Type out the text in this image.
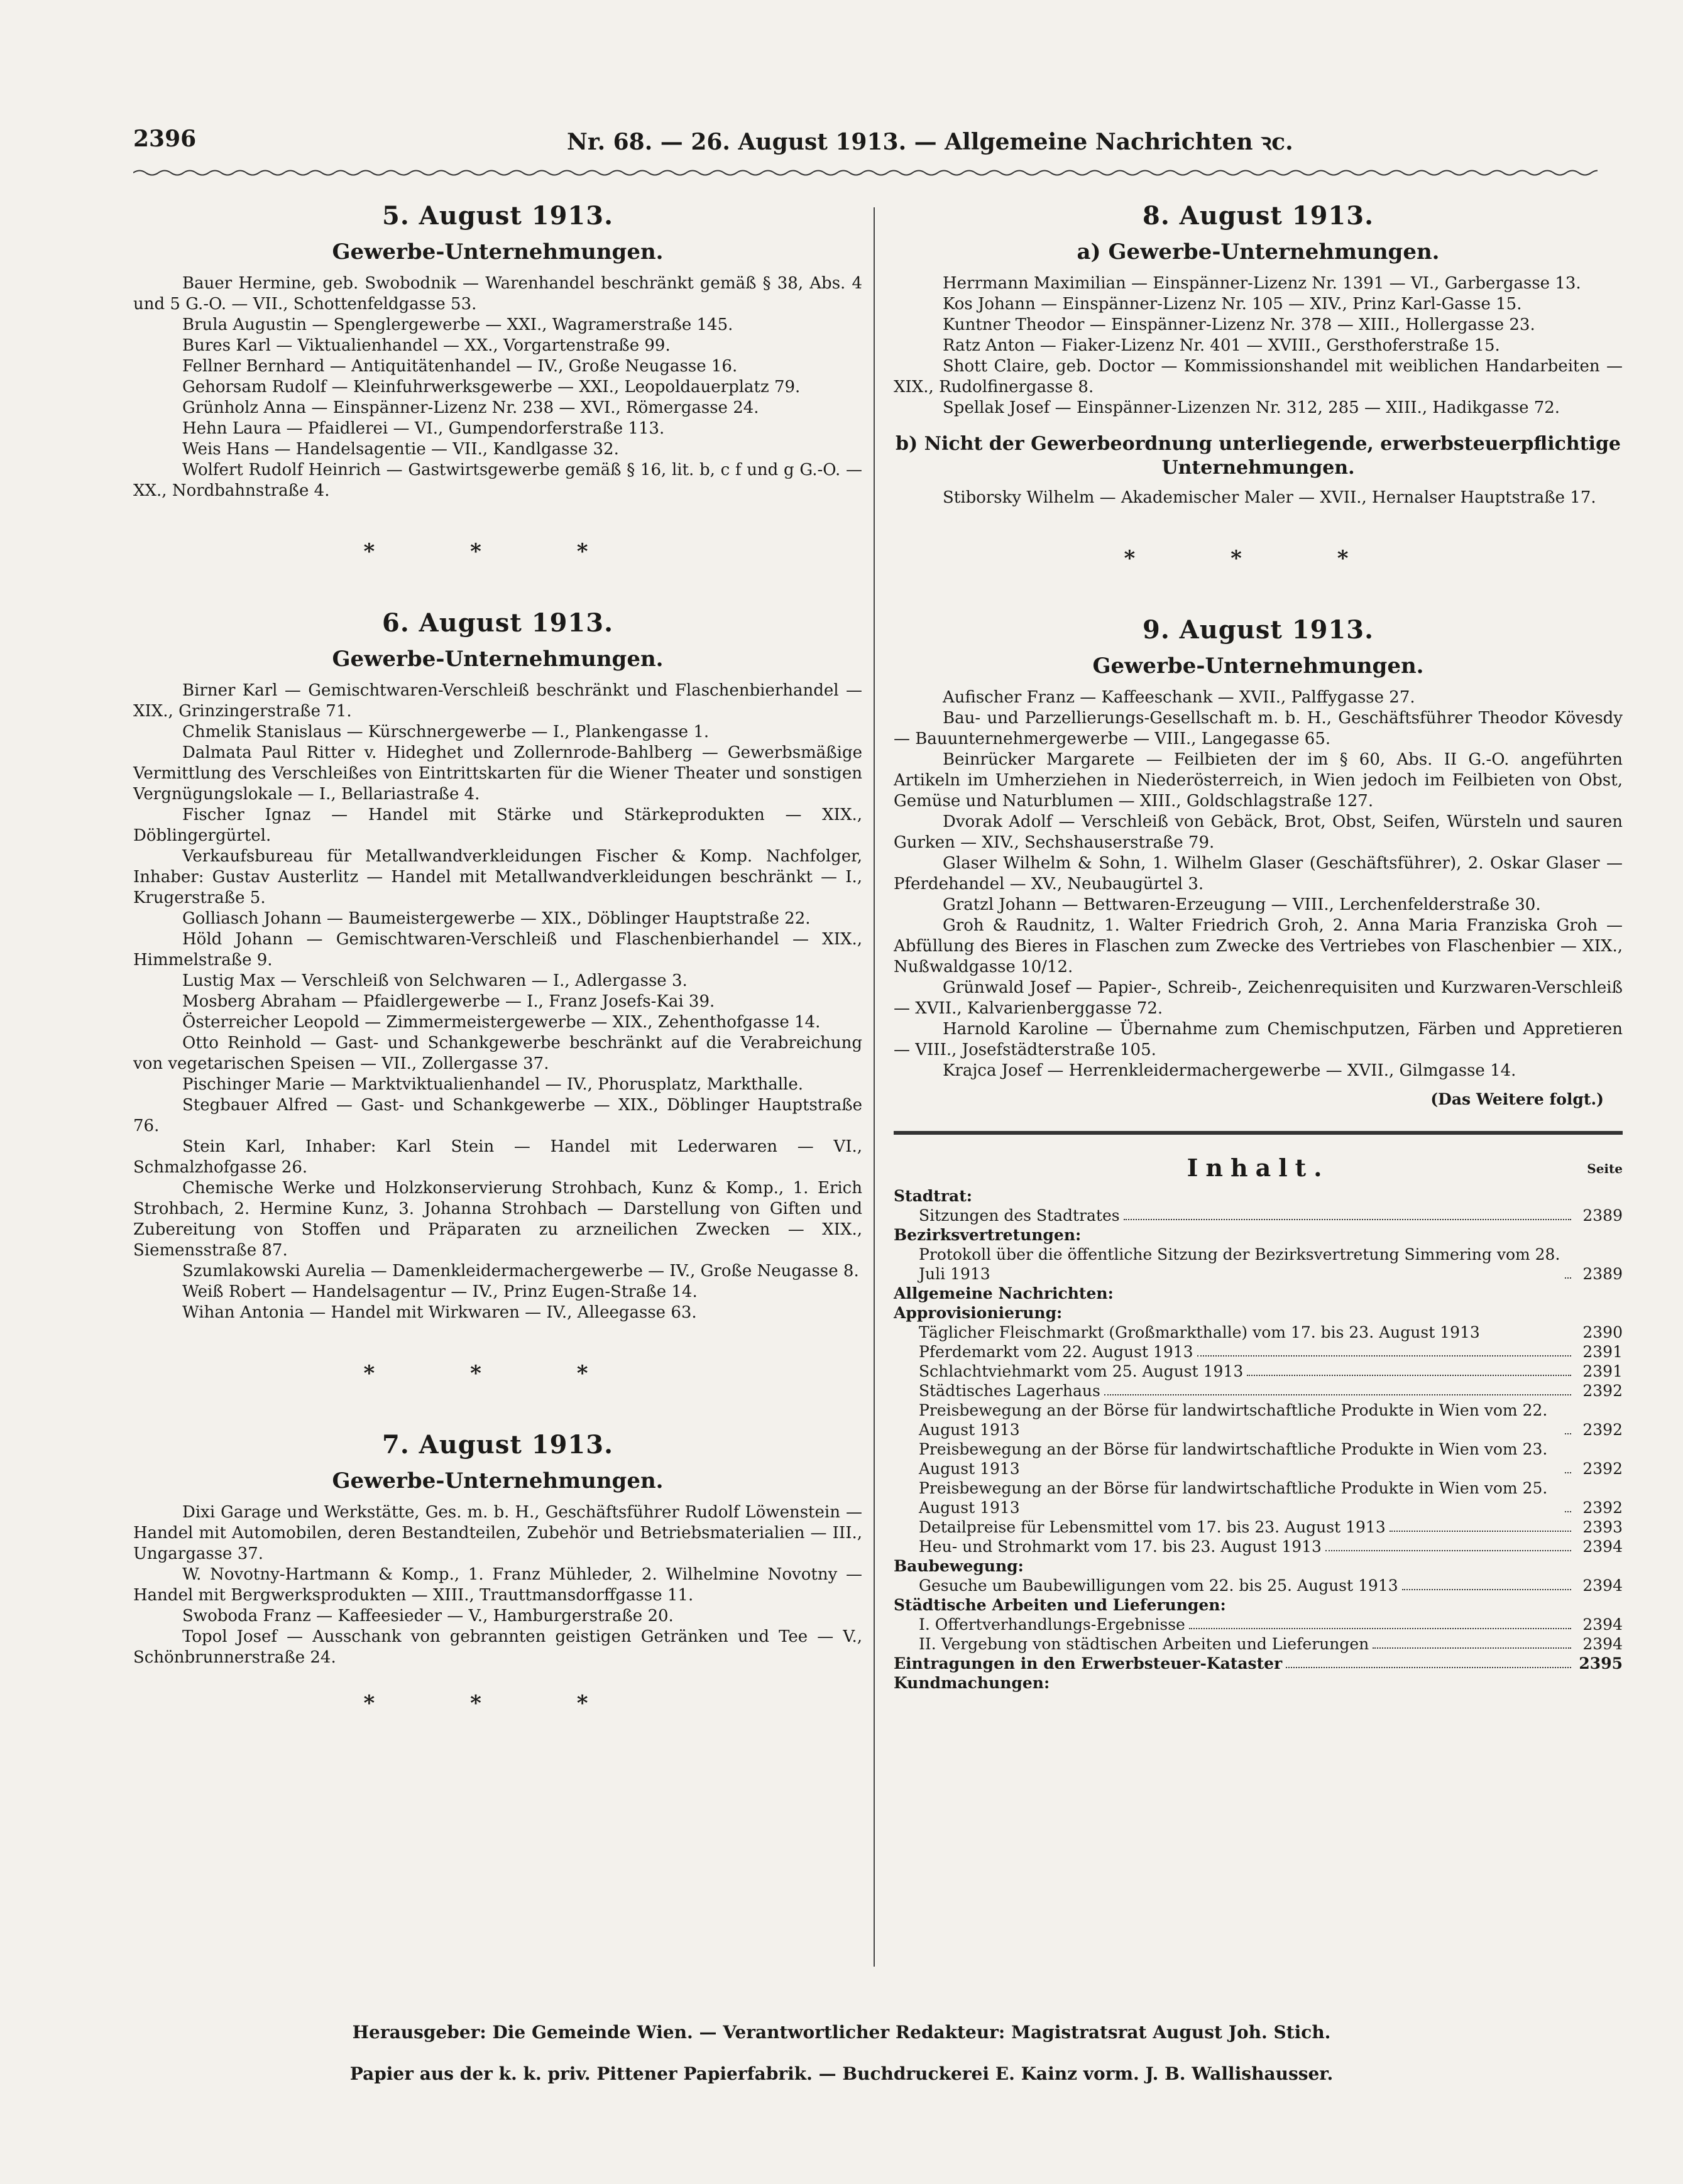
2396	Nr. 68. — 26. August 1913. — Allgemeine Nachrichten ꝛc.
5. August 1913.
Gewerbe-Unternehmungen.

Bauer Hermine, geb. Swobodnik — Warenhandel beschränkt gemäß § 38, Abs. 4 und 5 G.-O. — VII., Schottenfeldgasse 53.

Brula Augustin — Spenglergewerbe — XXI., Wagramerstraße 145.

Bures Karl — Viktualienhandel — XX., Vorgartenstraße 99.

Fellner Bernhard — Antiquitätenhandel — IV., Große Neugasse 16.

Gehorsam Rudolf — Kleinfuhrwerksgewerbe — XXI., Leopoldauerplatz 79.

Grünholz Anna — Einspänner-Lizenz Nr. 238 — XVI., Römergasse 24.

Hehn Laura — Pfaidlerei — VI., Gumpendorferstraße 113.

Weis Hans — Handelsagentie — VII., Kandlgasse 32.

Wolfert Rudolf Heinrich — Gastwirtsgewerbe gemäß § 16, lit. b, c f und g G.-O. — XX., Nordbahnstraße 4.

* * *
6. August 1913.
Gewerbe-Unternehmungen.

Birner Karl — Gemischtwaren-Verschleiß beschränkt und Flaschenbierhandel — XIX., Grinzingerstraße 71.

Chmelik Stanislaus — Kürschnergewerbe — I., Plankengasse 1.

Dalmata Paul Ritter v. Hideghet und Zollernrode-Bahlberg — Gewerbsmäßige Vermittlung des Verschleißes von Eintrittskarten für die Wiener Theater und sonstigen Vergnügungslokale — I., Bellariastraße 4.

Fischer Ignaz — Handel mit Stärke und Stärkeprodukten — XIX., Döblingergürtel.

Verkaufsbureau für Metallwandverkleidungen Fischer & Komp. Nachfolger, Inhaber: Gustav Austerlitz — Handel mit Metallwandverkleidungen beschränkt — I., Krugerstraße 5.

Golliasch Johann — Baumeistergewerbe — XIX., Döblinger Hauptstraße 22.

Höld Johann — Gemischtwaren-Verschleiß und Flaschenbierhandel — XIX., Himmelstraße 9.

Lustig Max — Verschleiß von Selchwaren — I., Adlergasse 3.

Mosberg Abraham — Pfaidlergewerbe — I., Franz Josefs-Kai 39.

Österreicher Leopold — Zimmermeistergewerbe — XIX., Zehenthofgasse 14.

Otto Reinhold — Gast- und Schankgewerbe beschränkt auf die Verabreichung von vegetarischen Speisen — VII., Zollergasse 37.

Pischinger Marie — Marktviktualienhandel — IV., Phorusplatz, Markthalle.

Stegbauer Alfred — Gast- und Schankgewerbe — XIX., Döblinger Hauptstraße 76.

Stein Karl, Inhaber: Karl Stein — Handel mit Lederwaren — VI., Schmalzhofgasse 26.

Chemische Werke und Holzkonservierung Strohbach, Kunz & Komp., 1. Erich Strohbach, 2. Hermine Kunz, 3. Johanna Strohbach — Darstellung von Giften und Zubereitung von Stoffen und Präparaten zu arzneilichen Zwecken — XIX., Siemensstraße 87.

Szumlakowski Aurelia — Damenkleidermachergewerbe — IV., Große Neugasse 8.

Weiß Robert — Handelsagentur — IV., Prinz Eugen-Straße 14.

Wihan Antonia — Handel mit Wirkwaren — IV., Alleegasse 63.

* * *
7. August 1913.
Gewerbe-Unternehmungen.

Dixi Garage und Werkstätte, Ges. m. b. H., Geschäftsführer Rudolf Löwenstein — Handel mit Automobilen, deren Bestandteilen, Zubehör und Betriebsmaterialien — III., Ungargasse 37.

W. Novotny-Hartmann & Komp., 1. Franz Mühleder, 2. Wilhelmine Novotny — Handel mit Bergwerksprodukten — XIII., Trauttmansdorffgasse 11.

Swoboda Franz — Kaffeesieder — V., Hamburgerstraße 20.

Topol Josef — Ausschank von gebrannten geistigen Getränken und Tee — V., Schönbrunnerstraße 24.

* * *
8. August 1913.
a) Gewerbe-Unternehmungen.

Herrmann Maximilian — Einspänner-Lizenz Nr. 1391 — VI., Garbergasse 13.

Kos Johann — Einspänner-Lizenz Nr. 105 — XIV., Prinz Karl-Gasse 15.

Kuntner Theodor — Einspänner-Lizenz Nr. 378 — XIII., Hollergasse 23.

Ratz Anton — Fiaker-Lizenz Nr. 401 — XVIII., Gersthoferstraße 15.

Shott Claire, geb. Doctor — Kommissionshandel mit weiblichen Handarbeiten — XIX., Rudolfinergasse 8.

Spellak Josef — Einspänner-Lizenzen Nr. 312, 285 — XIII., Hadikgasse 72.

b) Nicht der Gewerbeordnung unterliegende, erwerbsteuerpflichtige Unternehmungen.

Stiborsky Wilhelm — Akademischer Maler — XVII., Hernalser Hauptstraße 17.

* * *
9. August 1913.
Gewerbe-Unternehmungen.

Aufischer Franz — Kaffeeschank — XVII., Palffygasse 27.

Bau- und Parzellierungs-Gesellschaft m. b. H., Geschäftsführer Theodor Kövesdy — Bauunternehmergewerbe — VIII., Langegasse 65.

Beinrücker Margarete — Feilbieten der im § 60, Abs. II G.-O. angeführten Artikeln im Umherziehen in Niederösterreich, in Wien jedoch im Feilbieten von Obst, Gemüse und Naturblumen — XIII., Goldschlagstraße 127.

Dvorak Adolf — Verschleiß von Gebäck, Brot, Obst, Seifen, Würsteln und sauren Gurken — XIV., Sechshauserstraße 79.

Glaser Wilhelm & Sohn, 1. Wilhelm Glaser (Geschäftsführer), 2. Oskar Glaser — Pferdehandel — XV., Neubaugürtel 3.

Gratzl Johann — Bettwaren-Erzeugung — VIII., Lerchenfelderstraße 30.

Groh & Raudnitz, 1. Walter Friedrich Groh, 2. Anna Maria Franziska Groh — Abfüllung des Bieres in Flaschen zum Zwecke des Vertriebes von Flaschenbier — XIX., Nußwaldgasse 10/12.

Grünwald Josef — Papier-, Schreib-, Zeichenrequisiten und Kurzwaren-Verschleiß — XVII., Kalvarienberggasse 72.

Harnold Karoline — Übernahme zum Chemischputzen, Färben und Appretieren — VIII., Josefstädterstraße 105.

Krajca Josef — Herrenkleidermachergewerbe — XVII., Gilmgasse 14.

(Das Weitere folgt.)
Inhalt.	Seite
Stadtrat:
Sitzungen des Stadtrates	2389
Bezirksvertretungen:
Protokoll über die öffentliche Sitzung der Bezirksvertretung Simmering vom 28. Juli 1913	2389
Allgemeine Nachrichten:
Approvisionierung:
Täglicher Fleischmarkt (Großmarkthalle) vom 17. bis 23. August 1913	2390
Pferdemarkt vom 22. August 1913	2391
Schlachtviehmarkt vom 25. August 1913	2391
Städtisches Lagerhaus	2392
Preisbewegung an der Börse für landwirtschaftliche Produkte in Wien vom 22. August 1913	2392
Preisbewegung an der Börse für landwirtschaftliche Produkte in Wien vom 23. August 1913	2392
Preisbewegung an der Börse für landwirtschaftliche Produkte in Wien vom 25. August 1913	2392
Detailpreise für Lebensmittel vom 17. bis 23. August 1913	2393
Heu- und Strohmarkt vom 17. bis 23. August 1913	2394
Baubewegung:
Gesuche um Baubewilligungen vom 22. bis 25. August 1913	2394
Städtische Arbeiten und Lieferungen:
I. Offertverhandlungs-Ergebnisse	2394
II. Vergebung von städtischen Arbeiten und Lieferungen	2394
Eintragungen in den Erwerbsteuer-Kataster	2395
Kundmachungen:
Herausgeber: Die Gemeinde Wien. — Verantwortlicher Redakteur: Magistratsrat August Joh. Stich.
Papier aus der k. k. priv. Pittener Papierfabrik. — Buchdruckerei E. Kainz vorm. J. B. Wallishausser.
